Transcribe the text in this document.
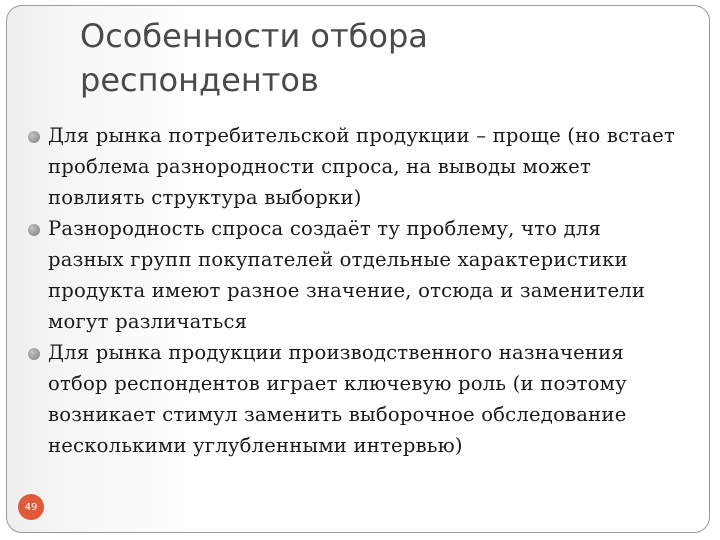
Особенности отбора респондентов
Для рынка потребительской продукции – проще (но встает проблема разнородности спроса, на выводы может повлиять структура выборки)
Разнородность спроса создаёт ту проблему, что для разных групп покупателей отдельные характеристики продукта имеют разное значение, отсюда и заменители могут различаться
Для рынка продукции производственного назначения отбор респондентов играет ключевую роль (и поэтому возникает стимул заменить выборочное обследование несколькими углубленными интервью)
49
